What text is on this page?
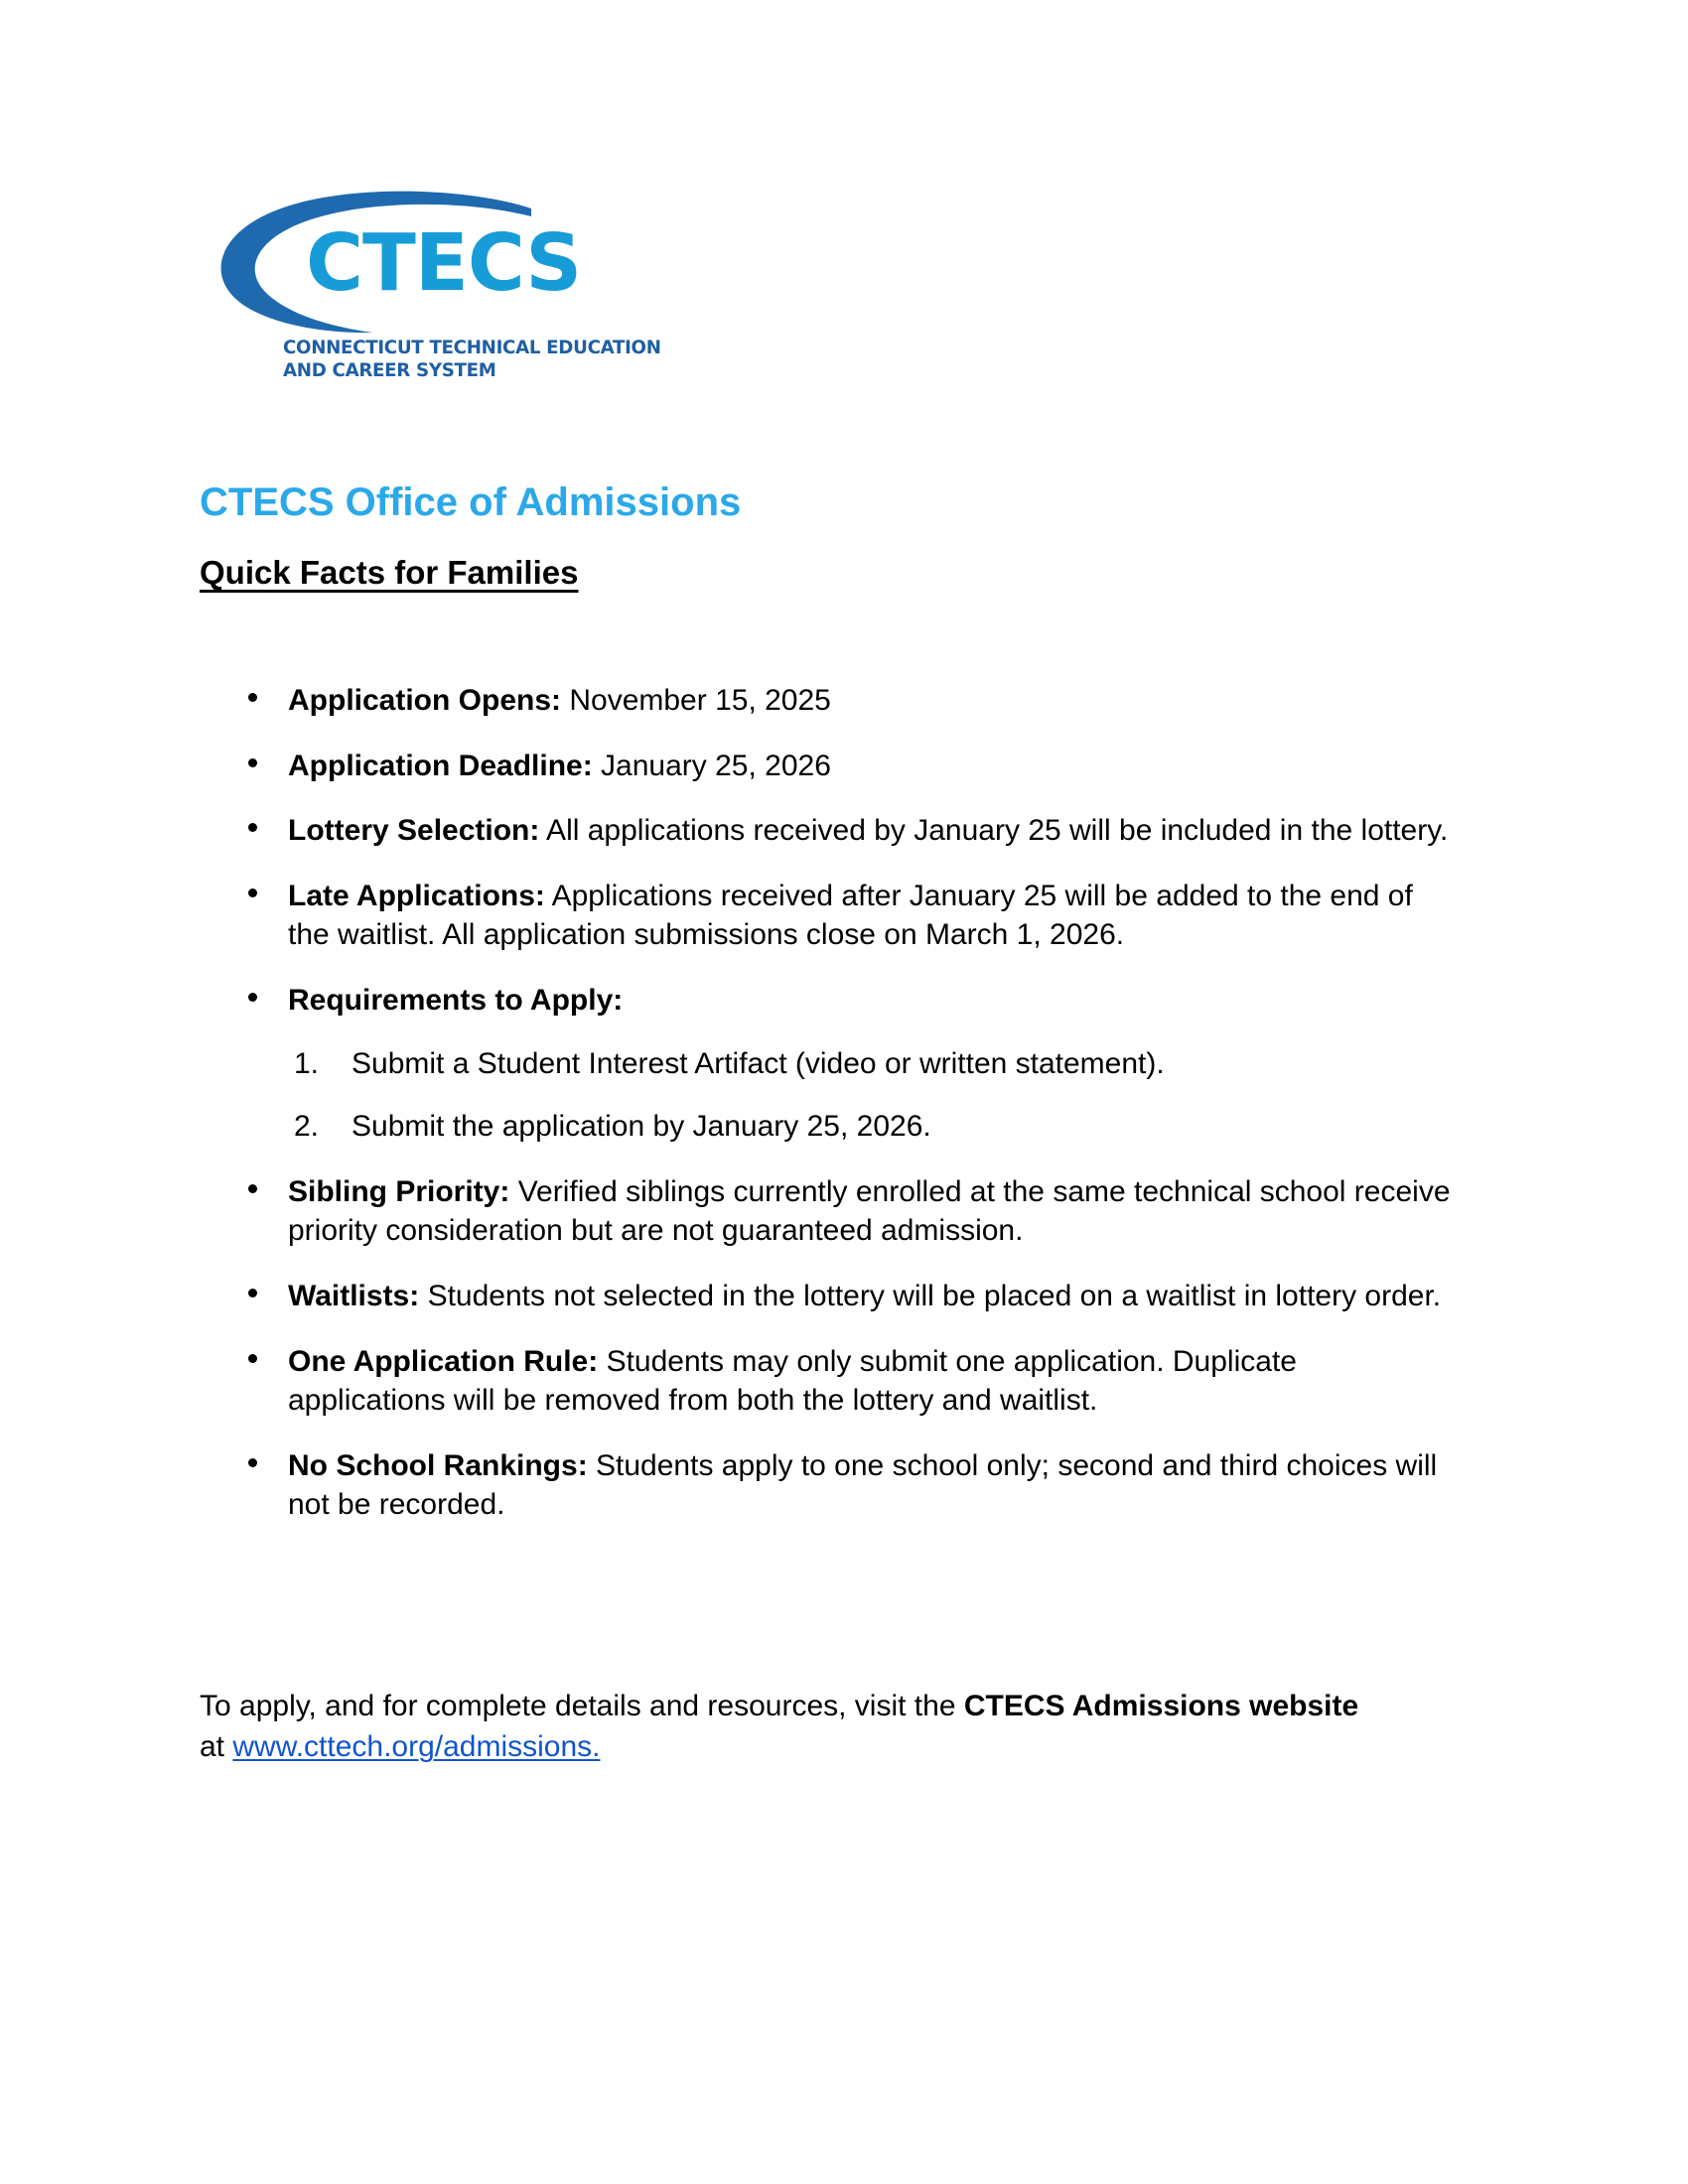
CTECS
CONNECTICUT TECHNICAL EDUCATION
AND CAREER SYSTEM
CTECS Office of Admissions
Quick Facts for Families
Application Opens: November 15, 2025
Application Deadline: January 25, 2026
Lottery Selection: All applications received by January 25 will be included in the lottery.
Late Applications: Applications received after January 25 will be added to the end of the waitlist. All application submissions close on March 1, 2026.
Requirements to Apply:
1. Submit a Student Interest Artifact (video or written statement).
2. Submit the application by January 25, 2026.
Sibling Priority: Verified siblings currently enrolled at the same technical school receive priority consideration but are not guaranteed admission.
Waitlists: Students not selected in the lottery will be placed on a waitlist in lottery order.
One Application Rule: Students may only submit one application. Duplicate applications will be removed from both the lottery and waitlist.
No School Rankings: Students apply to one school only; second and third choices will not be recorded.
To apply, and for complete details and resources, visit the CTECS Admissions website at www.cttech.org/admissions.
